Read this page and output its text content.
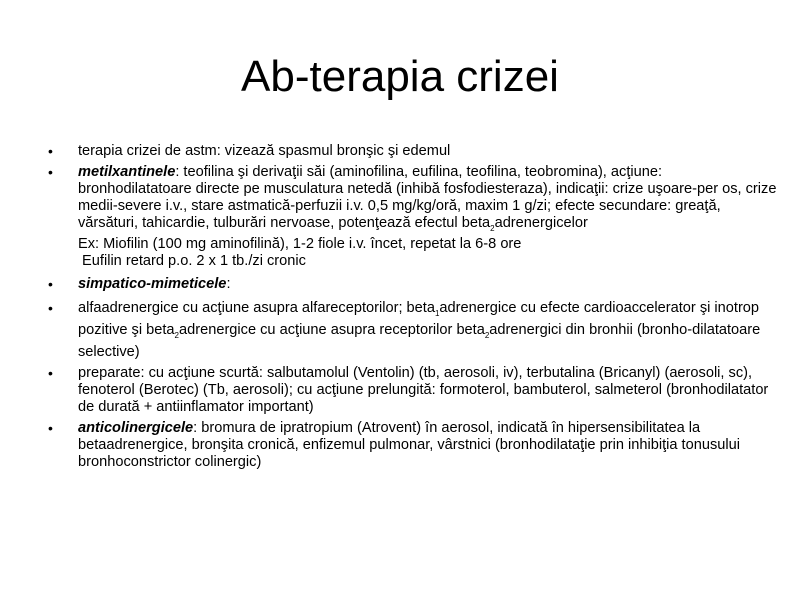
Ab-terapia crizei
•	terapia crizei de astm: vizează spasmul bronşic şi edemul
•	metilxantinele: teofilina şi derivaţii săi (aminofilina, eufilina, teofilina, teobromina), acţiune: bronhodilatatoare directe pe musculatura netedă (inhibă fosfodiesteraza), indicaţii: crize uşoare-per os, crize medii-severe i.v., stare astmatică-perfuzii i.v. 0,5 mg/kg/oră, maxim 1 g/zi; efecte secundare: greaţă, vărsături, tahicardie, tulburări nervoase, potenţează efectul beta$_2$adrenergicelor
Ex: Miofilin (100 mg aminofilină), 1-2 fiole i.v. încet, repetat la 6-8 ore
Eufilin retard p.o. 2 x 1 tb./zi cronic
•	simpatico-mimeticele:
•	alfaadrenergice cu acţiune asupra alfareceptorilor; beta$_1$adrenergice cu efecte cardioaccelerator şi inotrop pozitive şi beta$_2$adrenergice cu acţiune asupra receptorilor beta$_2$adrenergici din bronhii (bronho-dilatatoare selective)
•	preparate: cu acţiune scurtă: salbutamolul (Ventolin) (tb, aerosoli, iv), terbutalina (Bricanyl) (aerosoli, sc), fenoterol (Berotec) (Tb, aerosoli); cu acţiune prelungită: formoterol, bambuterol, salmeterol (bronhodilatator de durată + antiinflamator important)
•	anticolinergicele: bromura de ipratropium (Atrovent) în aerosol, indicată în hipersensibilitatea la betaadrenergice, bronşita cronică, enfizemul pulmonar, vârstnici (bronhodilataţie prin inhibiţia tonusului bronhoconstrictor colinergic)
